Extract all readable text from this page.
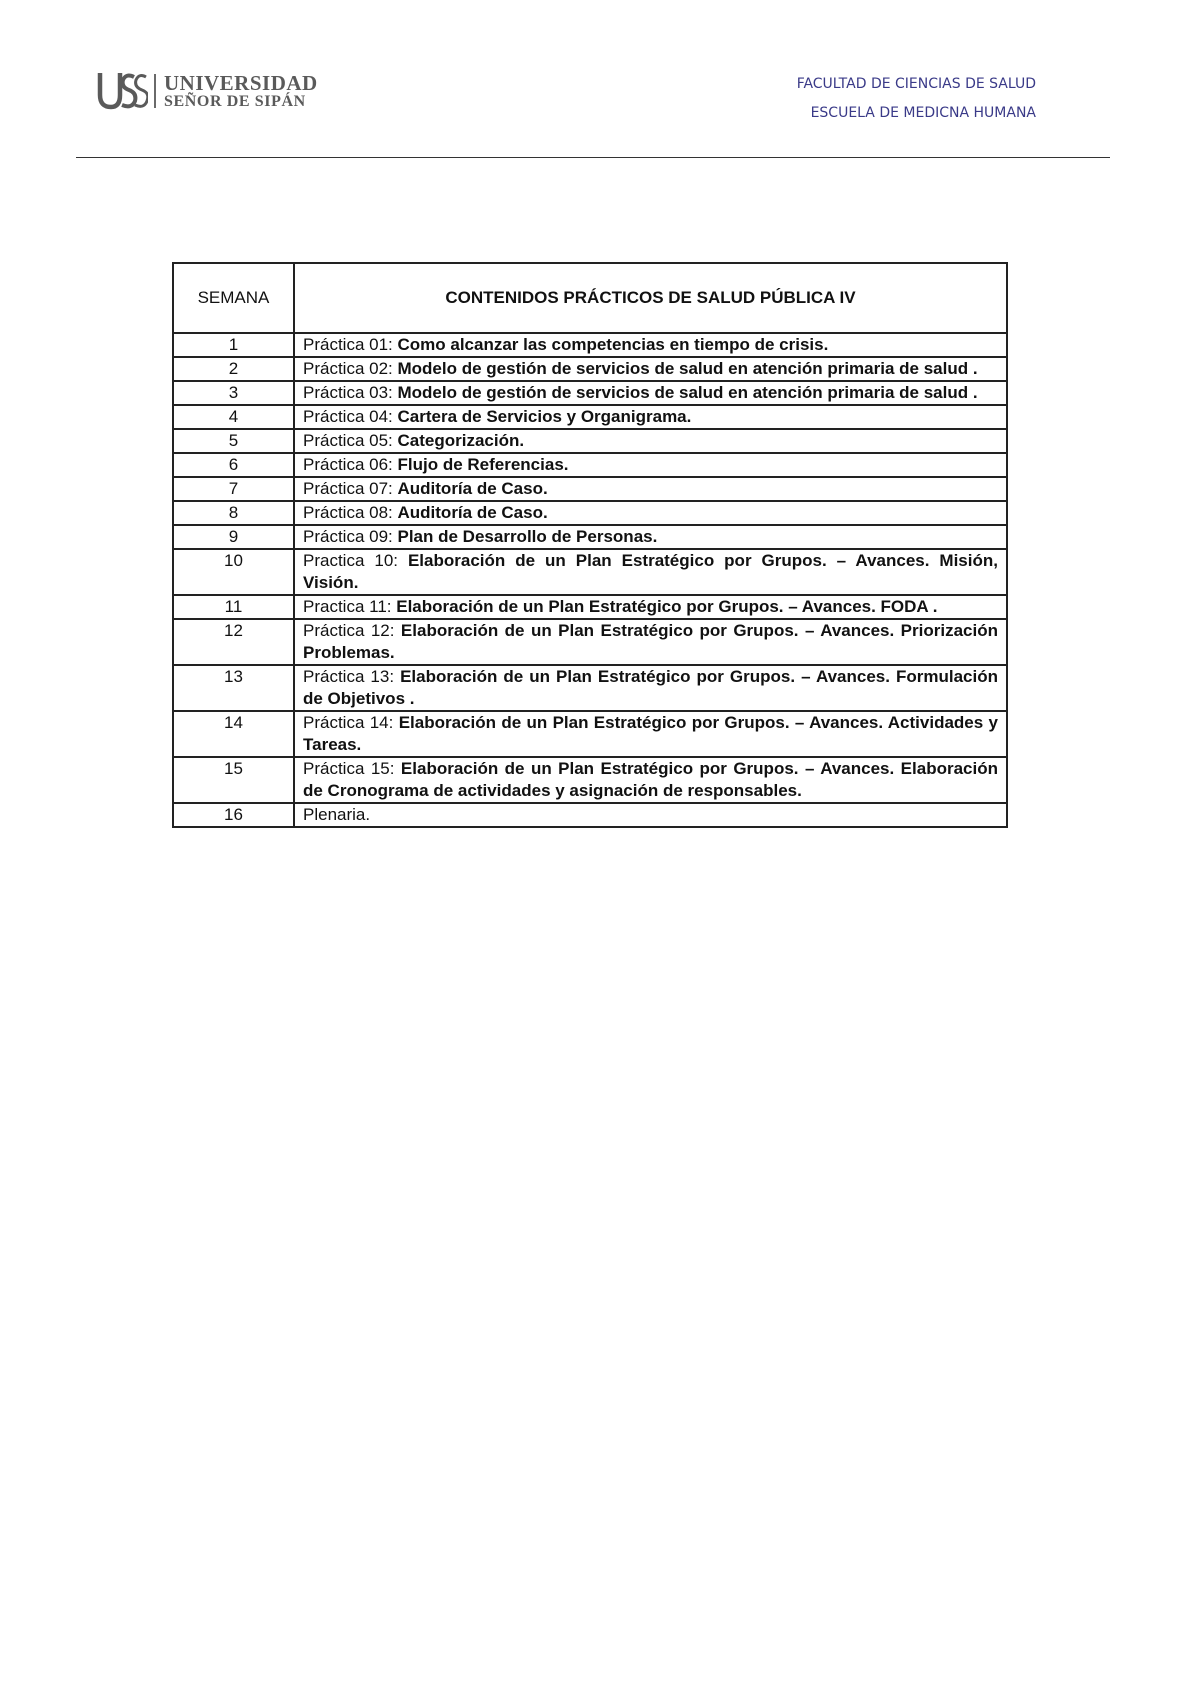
UNIVERSIDAD
SEÑOR DE SIPÁN
FACULTAD DE CIENCIAS DE SALUD
ESCUELA DE MEDICNA HUMANA
SEMANA	CONTENIDOS PRÁCTICOS DE SALUD PÚBLICA IV
1	Práctica 01: Como alcanzar las competencias en tiempo de crisis.
2	Práctica 02: Modelo de gestión de servicios de salud en atención primaria de salud .
3	Práctica 03: Modelo de gestión de servicios de salud en atención primaria de salud .
4	Práctica 04: Cartera de Servicios y Organigrama.
5	Práctica 05: Categorización.
6	Práctica 06: Flujo de Referencias.
7	Práctica 07: Auditoría de Caso.
8	Práctica 08: Auditoría de Caso.
9	Práctica 09: Plan de Desarrollo de Personas.
10	Practica 10: Elaboración de un Plan Estratégico por Grupos. – Avances. Misión, Visión.
11	Practica 11: Elaboración de un Plan Estratégico por Grupos. – Avances. FODA .
12	Práctica 12: Elaboración de un Plan Estratégico por Grupos. – Avances. Priorización Problemas.
13	Práctica 13: Elaboración de un Plan Estratégico por Grupos. – Avances. Formulación de Objetivos .
14	Práctica 14: Elaboración de un Plan Estratégico por Grupos. – Avances. Actividades y Tareas.
15	Práctica 15: Elaboración de un Plan Estratégico por Grupos. – Avances. Elaboración de Cronograma de actividades y asignación de responsables.
16	Plenaria.
